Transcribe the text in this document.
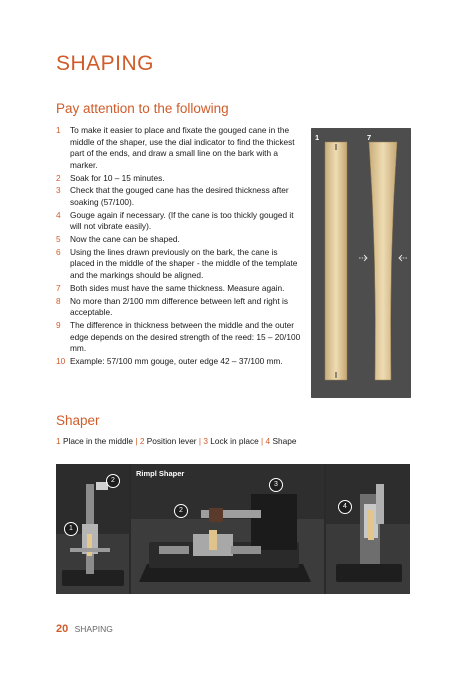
SHAPING
Pay attention to the following
1 To make it easier to place and fixate the gouged cane in the middle of the shaper, use the dial indicator to find the thickest part of the ends, and draw a small line on the bark with a marker.
2 Soak for 10 – 15 minutes.
3 Check that the gouged cane has the desired thickness after soaking (57/100).
4 Gouge again if necessary. (If the cane is too thickly gouged it will not vibrate easily).
5 Now the cane can be shaped.
6 Using the lines drawn previously on the bark, the cane is placed in the middle of the shaper - the middle of the template and the markings should be aligned.
7 Both sides must have the same thickness. Measure again.
8 No more than 2/100 mm difference between left and right is acceptable.
9 The difference in thickness between the middle and the outer edge depends on the desired strength of the reed: 15 – 20/100 mm.
10 Example: 57/100 mm gouge, outer edge 42 – 37/100 mm.
1	7
Shaper
1 Place in the middle | 2 Position lever | 3 Lock in place | 4 Shape
1
2
Rimpl Shaper
2
3
4
20 SHAPING
